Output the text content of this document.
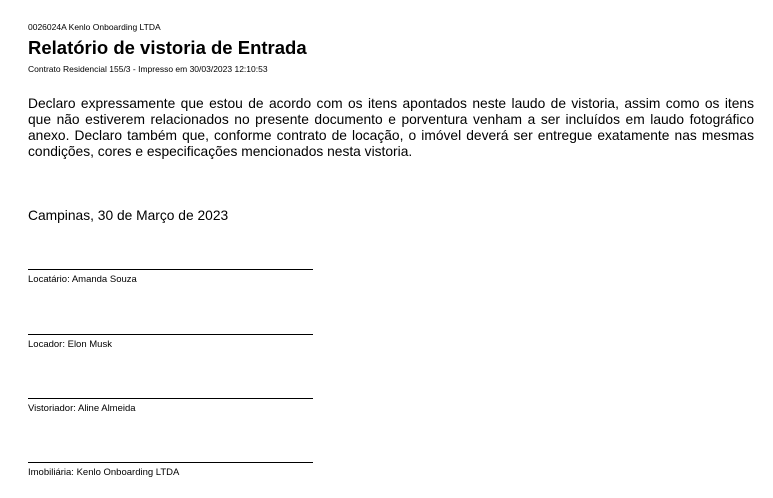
0026024A Kenlo Onboarding LTDA
Relatório de vistoria de Entrada
Contrato Residencial 155/3 - Impresso em 30/03/2023 12:10:53

Declaro expressamente que estou de acordo com os itens apontados neste laudo de vistoria, assim como os itens que não estiverem relacionados no presente documento e porventura venham a ser incluídos em laudo fotográfico anexo. Declaro também que, conforme contrato de locação, o imóvel deverá ser entregue exatamente nas mesmas condições, cores e especificações mencionados nesta vistoria.

Campinas, 30 de Março de 2023
Locatário: Amanda Souza
Locador: Elon Musk
Vistoriador: Aline Almeida
Imobiliária: Kenlo Onboarding LTDA
